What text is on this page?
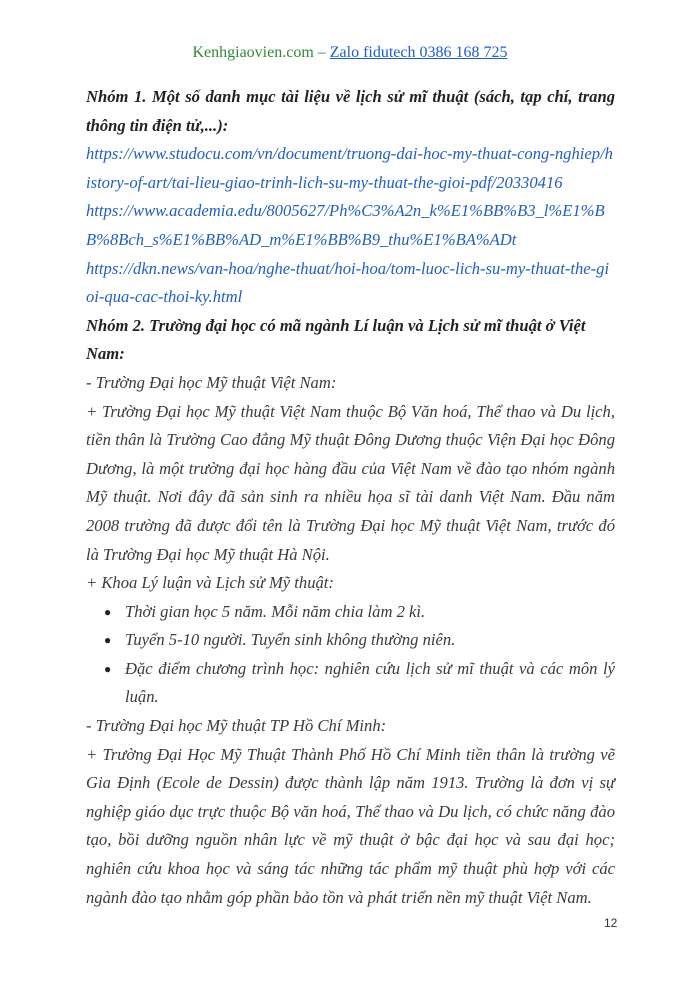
Kenhgiaovien.com – Zalo fidutech 0386 168 725

Nhóm 1. Một số danh mục tài liệu về lịch sử mĩ thuật (sách, tạp chí, trang thông tin điện tử,...):

https://www.studocu.com/vn/document/truong-dai-hoc-my-thuat-cong-nghiep/history-of-art/tai-lieu-giao-trinh-lich-su-my-thuat-the-gioi-pdf/20330416

https://www.academia.edu/8005627/Ph%C3%A2n_k%E1%BB%B3_l%E1%BB%8Bch_s%E1%BB%AD_m%E1%BB%B9_thu%E1%BA%ADt

https://dkn.news/van-hoa/nghe-thuat/hoi-hoa/tom-luoc-lich-su-my-thuat-the-gioi-qua-cac-thoi-ky.html

Nhóm 2. Trường đại học có mã ngành Lí luận và Lịch sử mĩ thuật ở Việt Nam:

- Trường Đại học Mỹ thuật Việt Nam:

+ Trường Đại học Mỹ thuật Việt Nam thuộc Bộ Văn hoá, Thể thao và Du lịch, tiền thân là Trường Cao đẳng Mỹ thuật Đông Dương thuộc Viện Đại học Đông Dương, là một trường đại học hàng đầu của Việt Nam về đào tạo nhóm ngành Mỹ thuật. Nơi đây đã sản sinh ra nhiều họa sĩ tài danh Việt Nam. Đầu năm 2008 trường đã được đổi tên là Trường Đại học Mỹ thuật Việt Nam, trước đó là Trường Đại học Mỹ thuật Hà Nội.

+ Khoa Lý luận và Lịch sử Mỹ thuật:

● Thời gian học 5 năm. Mỗi năm chia làm 2 kì.
● Tuyển 5-10 người. Tuyển sinh không thường niên.
● Đặc điểm chương trình học: nghiên cứu lịch sử mĩ thuật và các môn lý luận.

- Trường Đại học Mỹ thuật TP Hồ Chí Minh:

+ Trường Đại Học Mỹ Thuật Thành Phố Hồ Chí Minh tiền thân là trường vẽ Gia Định (Ecole de Dessin) được thành lập năm 1913. Trường là đơn vị sự nghiệp giáo dục trực thuộc Bộ văn hoá, Thể thao và Du lịch, có chức năng đào tạo, bồi dưỡng nguồn nhân lực về mỹ thuật ở bậc đại học và sau đại học; nghiên cứu khoa học và sáng tác những tác phẩm mỹ thuật phù hợp với các ngành đào tạo nhằm góp phần bảo tồn và phát triển nền mỹ thuật Việt Nam.

12
